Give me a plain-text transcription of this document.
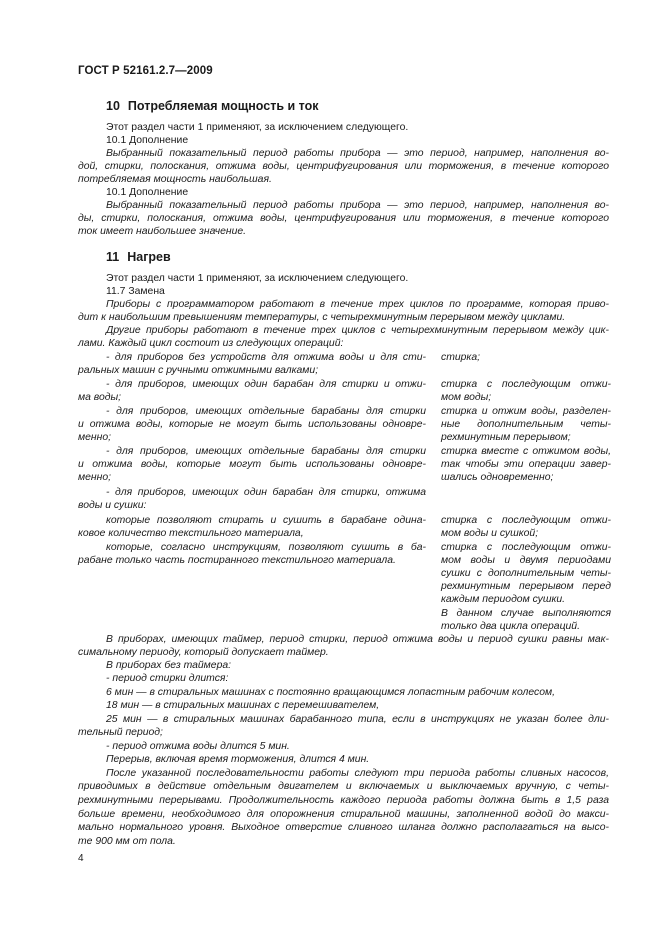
ГОСТ Р 52161.2.7—2009
10 Потребляемая мощность и ток
Этот раздел части 1 применяют, за исключением следующего.
10.1 Дополнение
Выбранный показательный период работы прибора — это период, например, наполнения во-
дой, стирки, полоскания, отжима воды, центрифугирования или торможения, в течение которого
потребляемая мощность наибольшая.
10.1 Дополнение
Выбранный показательный период работы прибора — это период, например, наполнения во-
ды, стирки, полоскания, отжима воды, центрифугирования или торможения, в течение которого
ток имеет наибольшее значение.
11 Нагрев
Этот раздел части 1 применяют, за исключением следующего.
11.7 Замена
Приборы с программатором работают в течение трех циклов по программе, которая приво-
дит к наибольшим превышениям температуры, с четырехминутным перерывом между циклами.
Другие приборы работают в течение трех циклов с четырехминутным перерывом между цик-
лами. Каждый цикл состоит из следующих операций:
- для приборов без устройств для отжима воды и для сти-
ральных машин с ручными отжимными валками;
- для приборов, имеющих один барабан для стирки и отжи-
ма воды;
- для приборов, имеющих отдельные барабаны для стирки
и отжима воды, которые не могут быть использованы одновре-
менно;
- для приборов, имеющих отдельные барабаны для стирки
и отжима воды, которые могут быть использованы одновре-
менно;
- для приборов, имеющих один барабан для стирки, отжима
воды и сушки:
которые позволяют стирать и сушить в барабане одина-
ковое количество текстильного материала,
которые, согласно инструкциям, позволяют сушить в ба-
рабане только часть постиранного текстильного материала.
стирка;
стирка с последующим отжи-
мом воды;
стирка и отжим воды, разделен-
ные дополнительным четы-
рехминутным перерывом;
стирка вместе с отжимом воды,
так чтобы эти операции завер-
шались одновременно;
стирка с последующим отжи-
мом воды и сушкой;
стирка с последующим отжи-
мом воды и двумя периодами
сушки с дополнительным четы-
рехминутным перерывом перед
каждым периодом сушки.
В данном случае выполняются
только два цикла операций.
В приборах, имеющих таймер, период стирки, период отжима воды и период сушки равны мак-
симальному периоду, который допускает таймер.
В приборах без таймера:
- период стирки длится:
6 мин — в стиральных машинах с постоянно вращающимся лопастным рабочим колесом,
18 мин — в стиральных машинах с перемешивателем,
25 мин — в стиральных машинах барабанного типа, если в инструкциях не указан более дли-
тельный период;
- период отжима воды длится 5 мин.
Перерыв, включая время торможения, длится 4 мин.
После указанной последовательности работы следуют три периода работы сливных насосов,
приводимых в действие отдельным двигателем и включаемых и выключаемых вручную, с четы-
рехминутными перерывами. Продолжительность каждого периода работы должна быть в 1,5 раза
больше времени, необходимого для опорожнения стиральной машины, заполненной водой до макси-
мально нормального уровня. Выходное отверстие сливного шланга должно располагаться на высо-
те 900 мм от пола.
4
